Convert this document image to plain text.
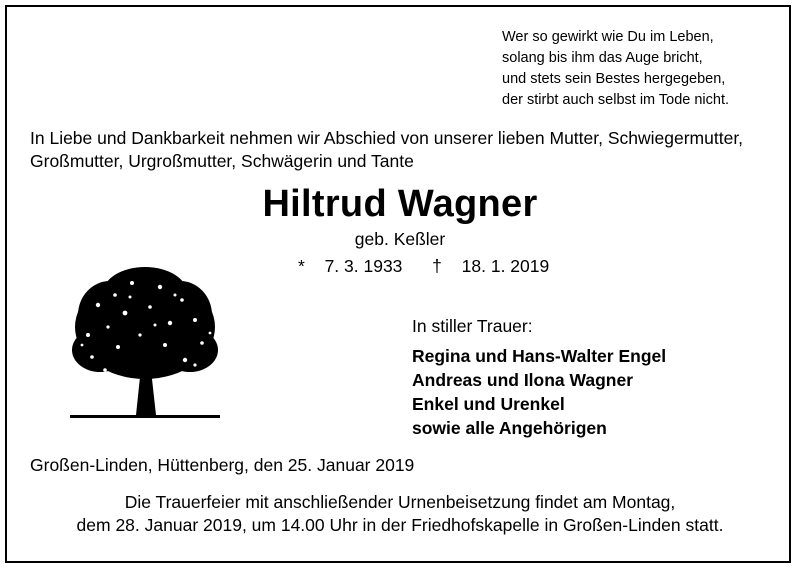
Wer so gewirkt wie Du im Leben,
solang bis ihm das Auge bricht,
und stets sein Bestes hergegeben,
der stirbt auch selbst im Tode nicht.
In Liebe und Dankbarkeit nehmen wir Abschied von unserer lieben Mutter, Schwiegermutter,
Großmutter, Urgroßmutter, Schwägerin und Tante
Hiltrud Wagner
geb. Keßler
* 7. 3. 1933 † 18. 1. 2019
In stiller Trauer:
Regina und Hans-Walter Engel
Andreas und Ilona Wagner
Enkel und Urenkel
sowie alle Angehörigen
Großen-Linden, Hüttenberg, den 25. Januar 2019
Die Trauerfeier mit anschließender Urnenbeisetzung findet am Montag,
dem 28. Januar 2019, um 14.00 Uhr in der Friedhofskapelle in Großen-Linden statt.
